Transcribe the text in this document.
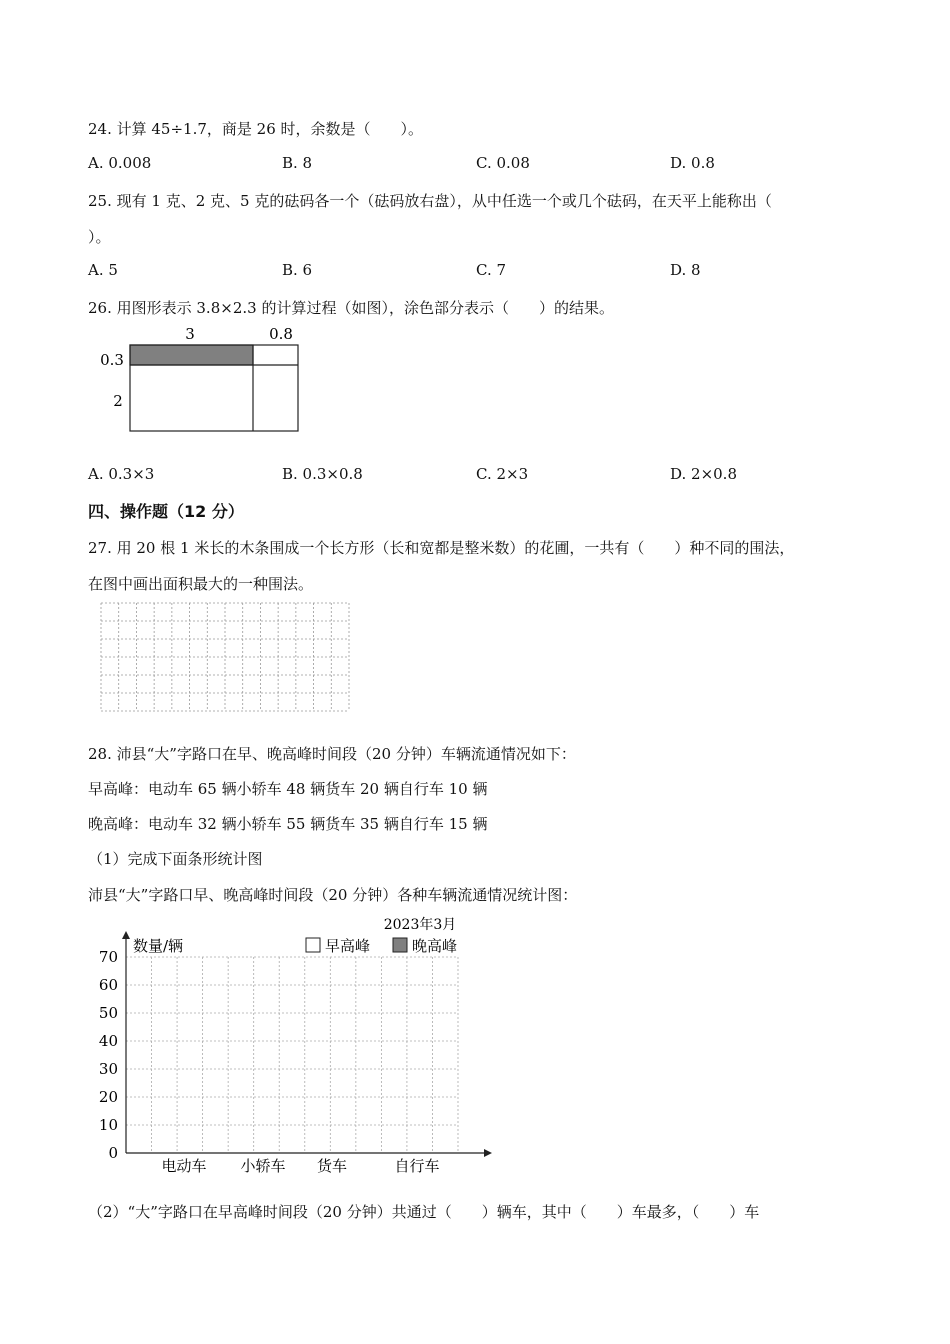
24. 计算 45÷1.7，商是 26 时，余数是（　　）。
A. 0.008	B. 8	C. 0.08	D. 0.8
25. 现有 1 克、2 克、5 克的砝码各一个（砝码放右盘），从中任选一个或几个砝码，在天平上能称出（
）。
A. 5	B. 6	C. 7	D. 8
26. 用图形表示 3.8×2.3 的计算过程（如图），涂色部分表示（　　）的结果。
3	0.8
0.3
2
A. 0.3×3	B. 0.3×0.8	C. 2×3	D. 2×0.8
四、操作题（12 分）
27. 用 20 根 1 米长的木条围成一个长方形（长和宽都是整米数）的花圃，一共有（　　）种不同的围法，
在图中画出面积最大的一种围法。
28. 沛县“大”字路口在早、晚高峰时间段（20 分钟）车辆流通情况如下：
早高峰：电动车 65 辆小轿车 48 辆货车 20 辆自行车 10 辆
晚高峰：电动车 32 辆小轿车 55 辆货车 35 辆自行车 15 辆
（1）完成下面条形统计图
沛县“大”字路口早、晚高峰时间段（20 分钟）各种车辆流通情况统计图：
2023年3月
数量/辆	早高峰	晚高峰
0
10
20
30
40
50
60
70
电动车 小轿车 货车	自行车
（2）“大”字路口在早高峰时间段（20 分钟）共通过（　　）辆车，其中（　　）车最多，（　　）车
